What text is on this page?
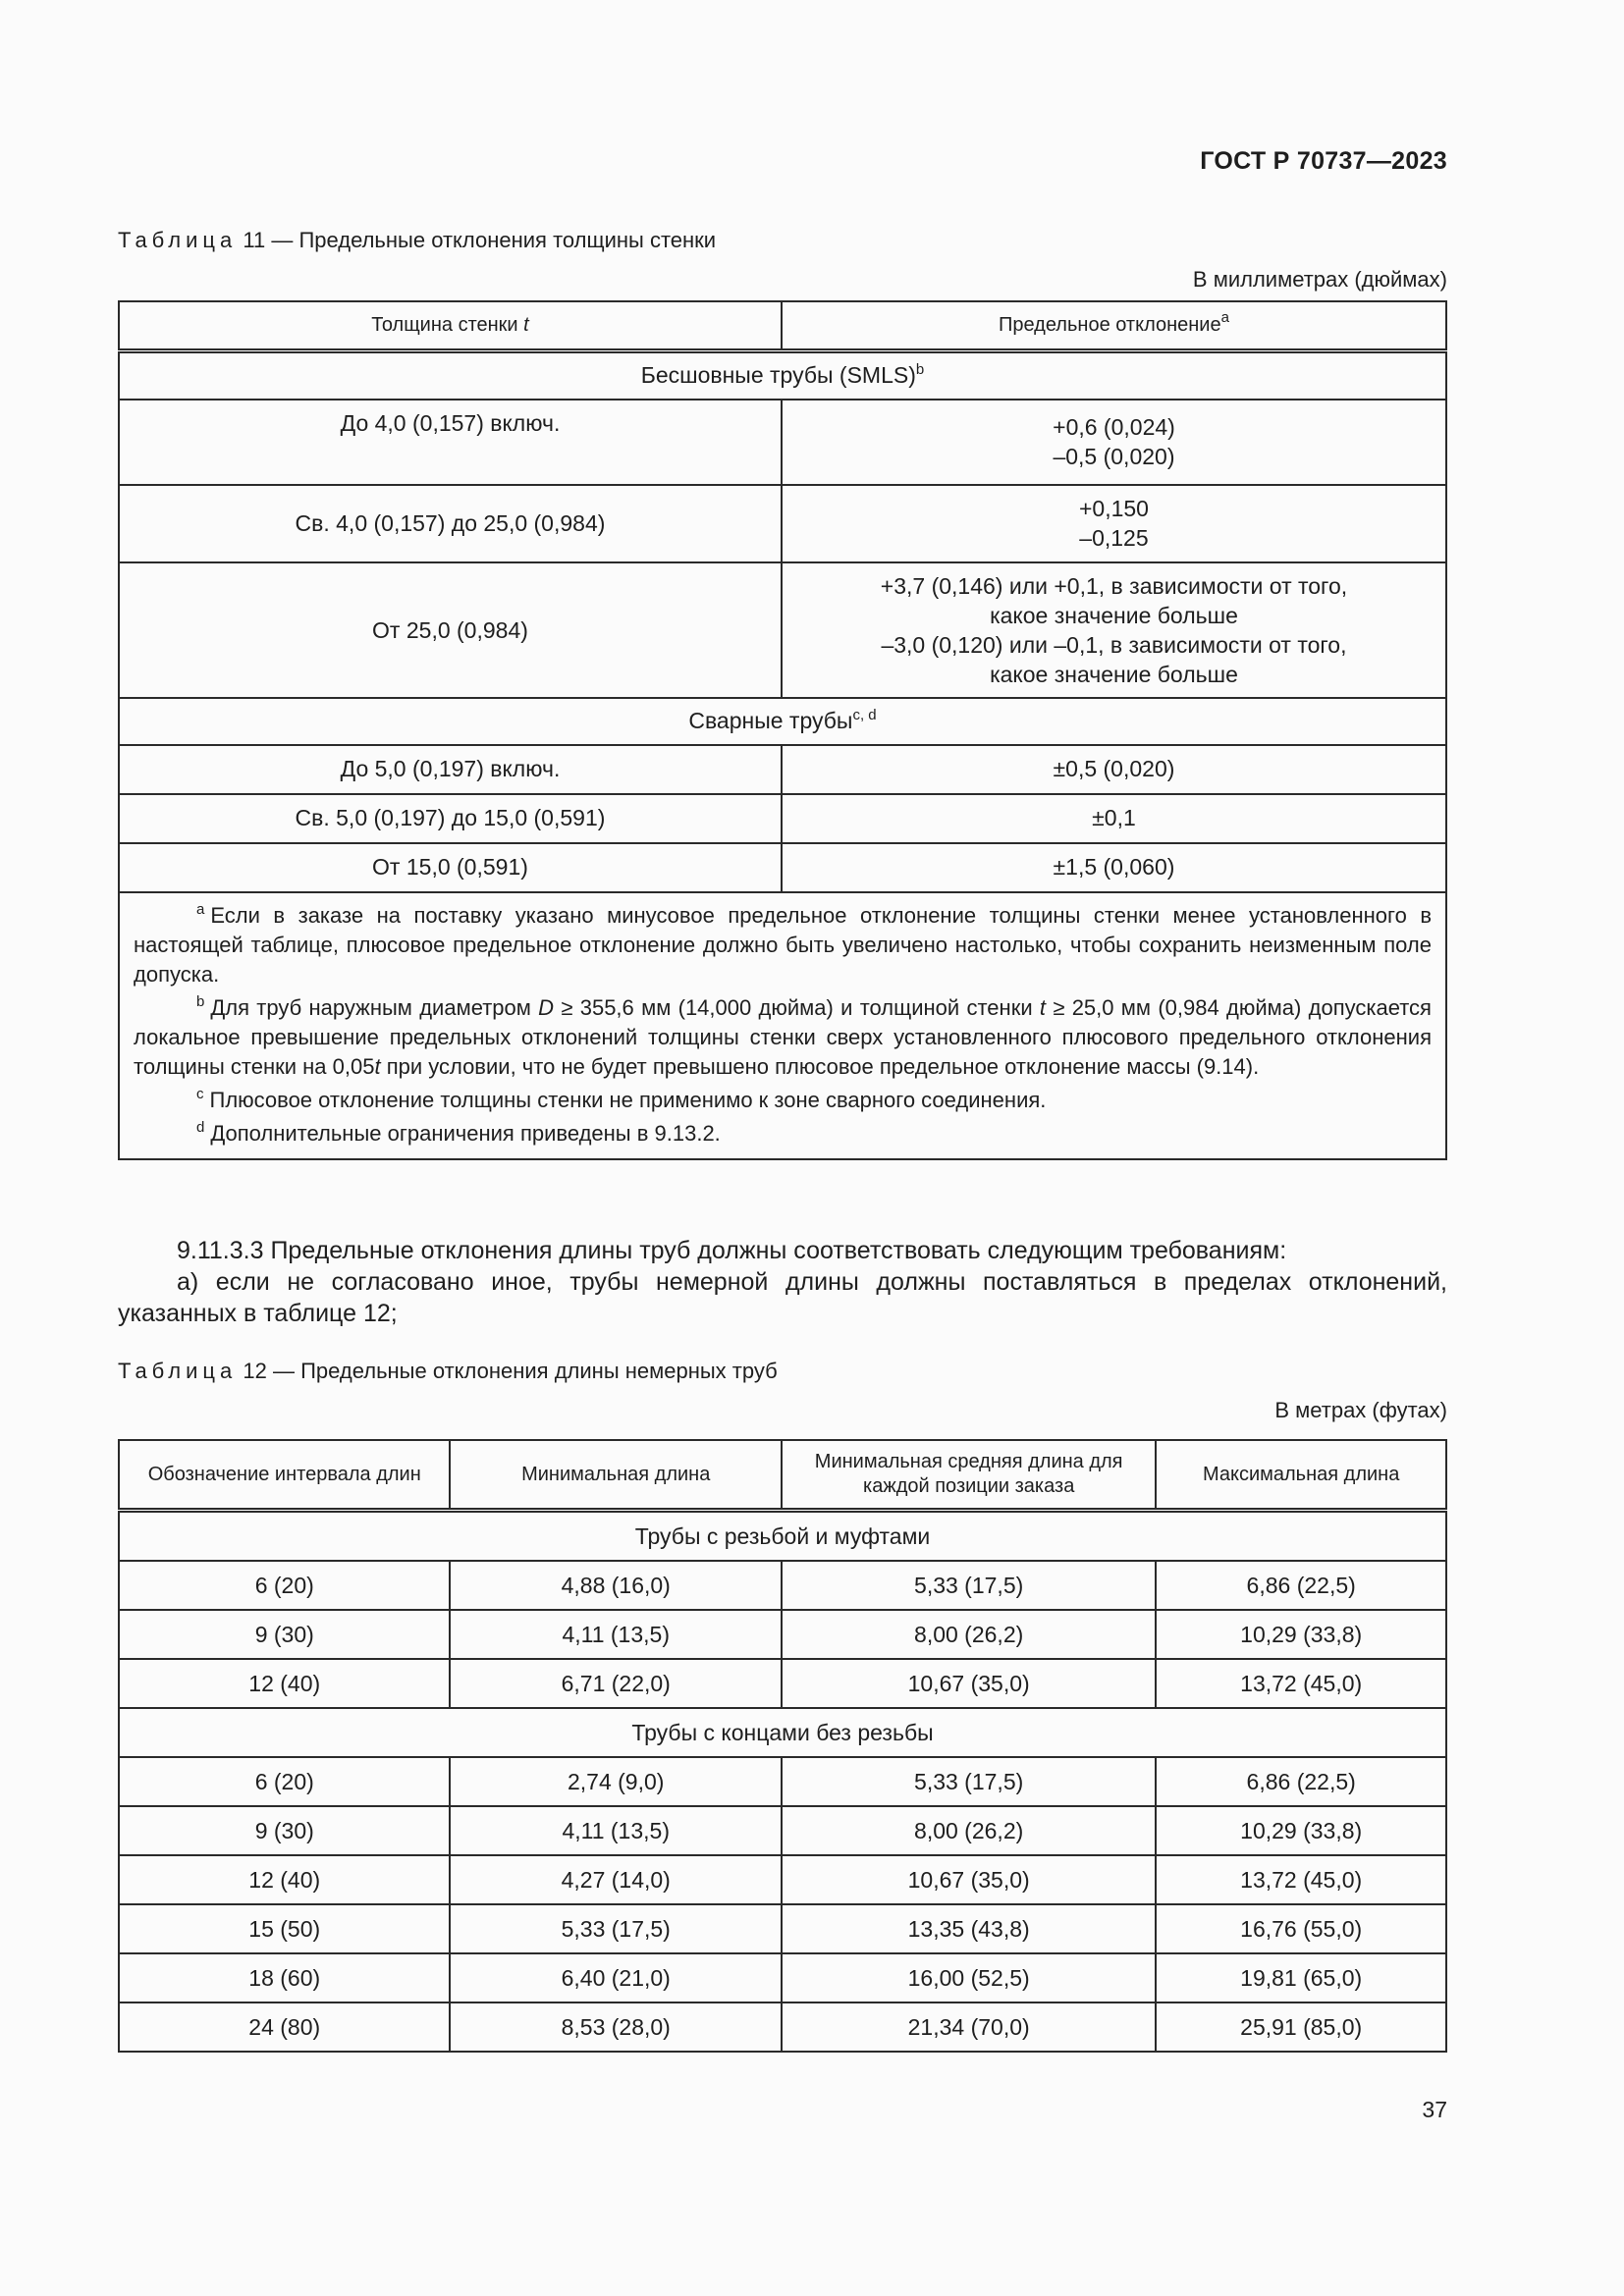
ГОСТ Р 70737—2023
Таблица 11 — Предельные отклонения толщины стенки
В миллиметрах (дюймах)
Толщина стенки t	Предельное отклонение$^a$
Бесшовные трубы (SMLS)$^b$
До 4,0 (0,157) включ.	+0,6 (0,024)
–0,5 (0,020)

Св. 4,0 (0,157) до 25,0 (0,984)	+0,150
–0,125

От 25,0 (0,984)	+3,7 (0,146) или +0,1, в зависимости от того,
какое значение больше
–3,0 (0,120) или –0,1, в зависимости от того,
какое значение больше

Сварные трубы$^{c, d}$
До 5,0 (0,197) включ.	±0,5 (0,020)
Св. 5,0 (0,197) до 15,0 (0,591)	±0,1
От 15,0 (0,591)	±1,5 (0,060)

$^a$ Если в заказе на поставку указано минусовое предельное отклонение толщины стенки менее установленного в настоящей таблице, плюсовое предельное отклонение должно быть увеличено настолько, чтобы сохранить неизменным поле допуска.

$^b$ Для труб наружным диаметром D ≥ 355,6 мм (14,000 дюйма) и толщиной стенки t ≥ 25,0 мм (0,984 дюйма) допускается локальное превышение предельных отклонений толщины стенки сверх установленного плюсового предельного отклонения толщины стенки на 0,05t при условии, что не будет превышено плюсовое предельное отклонение массы (9.14).

$^c$ Плюсовое отклонение толщины стенки не применимо к зоне сварного соединения.

$^d$ Дополнительные ограничения приведены в 9.13.2.	

9.11.3.3 Предельные отклонения длины труб должны соответствовать следующим требованиям:

а) если не согласовано иное, трубы немерной длины должны поставляться в пределах отклонений, указанных в таблице 12;

Таблица 12 — Предельные отклонения длины немерных труб
В метрах (футах)
Обозначение интервала длин	Минимальная длина	Минимальная средняя длина для каждой позиции заказа	Максимальная длина
Трубы с резьбой и муфтами			
6 (20)	4,88 (16,0)	5,33 (17,5)	6,86 (22,5)
9 (30)	4,11 (13,5)	8,00 (26,2)	10,29 (33,8)
12 (40)	6,71 (22,0)	10,67 (35,0)	13,72 (45,0)
Трубы с концами без резьбы			
6 (20)	2,74 (9,0)	5,33 (17,5)	6,86 (22,5)
9 (30)	4,11 (13,5)	8,00 (26,2)	10,29 (33,8)
12 (40)	4,27 (14,0)	10,67 (35,0)	13,72 (45,0)
15 (50)	5,33 (17,5)	13,35 (43,8)	16,76 (55,0)
18 (60)	6,40 (21,0)	16,00 (52,5)	19,81 (65,0)
24 (80)	8,53 (28,0)	21,34 (70,0)	25,91 (85,0)
37
